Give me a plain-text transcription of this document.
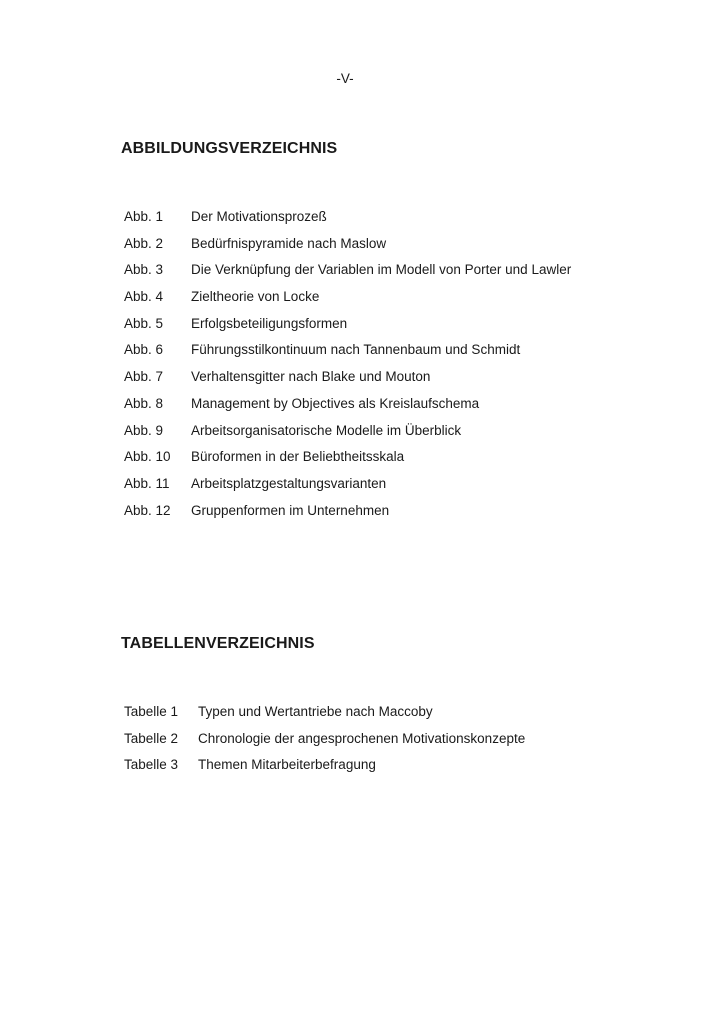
-V-
ABBILDUNGSVERZEICHNIS
Abb. 1 Der Motivationsprozeß
Abb. 2 Bedürfnispyramide nach Maslow
Abb. 3 Die Verknüpfung der Variablen im Modell von Porter und Lawler
Abb. 4 Zieltheorie von Locke
Abb. 5 Erfolgsbeteiligungsformen
Abb. 6 Führungsstilkontinuum nach Tannenbaum und Schmidt
Abb. 7 Verhaltensgitter nach Blake und Mouton
Abb. 8 Management by Objectives als Kreislaufschema
Abb. 9 Arbeitsorganisatorische Modelle im Überblick
Abb. 10 Büroformen in der Beliebtheitsskala
Abb. 11 Arbeitsplatzgestaltungsvarianten
Abb. 12 Gruppenformen im Unternehmen
TABELLENVERZEICHNIS
Tabelle 1 Typen und Wertantriebe nach Maccoby
Tabelle 2 Chronologie der angesprochenen Motivationskonzepte
Tabelle 3 Themen Mitarbeiterbefragung
